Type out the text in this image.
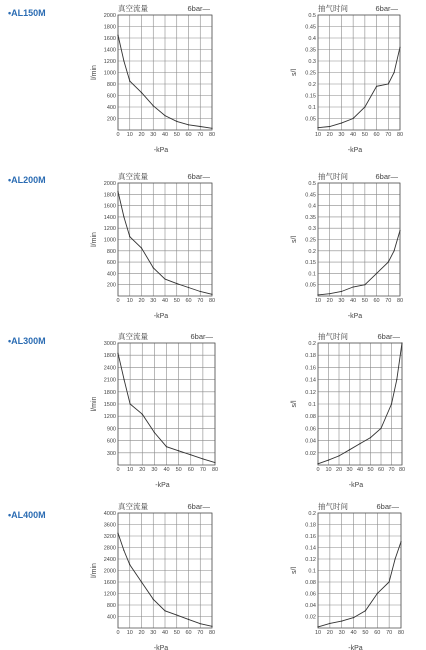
•AL150M
•AL200M
•AL300M
•AL400M
0 10 20 30 40 50 60 70 80
200
400
600
800
1000
1200
1400
1600
1800
2000
真空流量	6bar—
-kPa
l/min
10 20 30 40 50 60 70 80
0.05
0.1
0.15
0.2
0.25
0.3
0.35
0.4
0.45
0.5
抽气时间	6bar—
-kPa
s/l
0 10 20 30 40 50 60 70 80
200
400
600
800
1000
1200
1400
1600
1800
2000
真空流量	6bar—
-kPa
l/min
10 20 30 40 50 60 70 80
0.05
0.1
0.15
0.2
0.25
0.3
0.35
0.4
0.45
0.5
抽气时间	6bar—
-kPa
s/l
0 10 20 30 40 50 60 70 80
300
600
900
1200
1500
1800
2100
2400
1800
3000
真空流量	6bar—
-kPa
l/min
0 10 20 30 40 50 60 70 80
0.02
0.04
0.06
0.08
0.1
0.12
0.14
0.16
0.18
0.2
抽气时间	6bar—
-kPa
s/l
0 10 20 30 40 50 60 70 80
400
800
1200
1600
2000
2400
2800
3200
3600
4000
真空流量	6bar—
-kPa
l/min
10 20 30 40 50 60 70 80
0.02
0.04
0.06
0.08
0.1
0.12
0.14
0.16
0.18
0.2
抽气时间	6bar—
-kPa
s/l
